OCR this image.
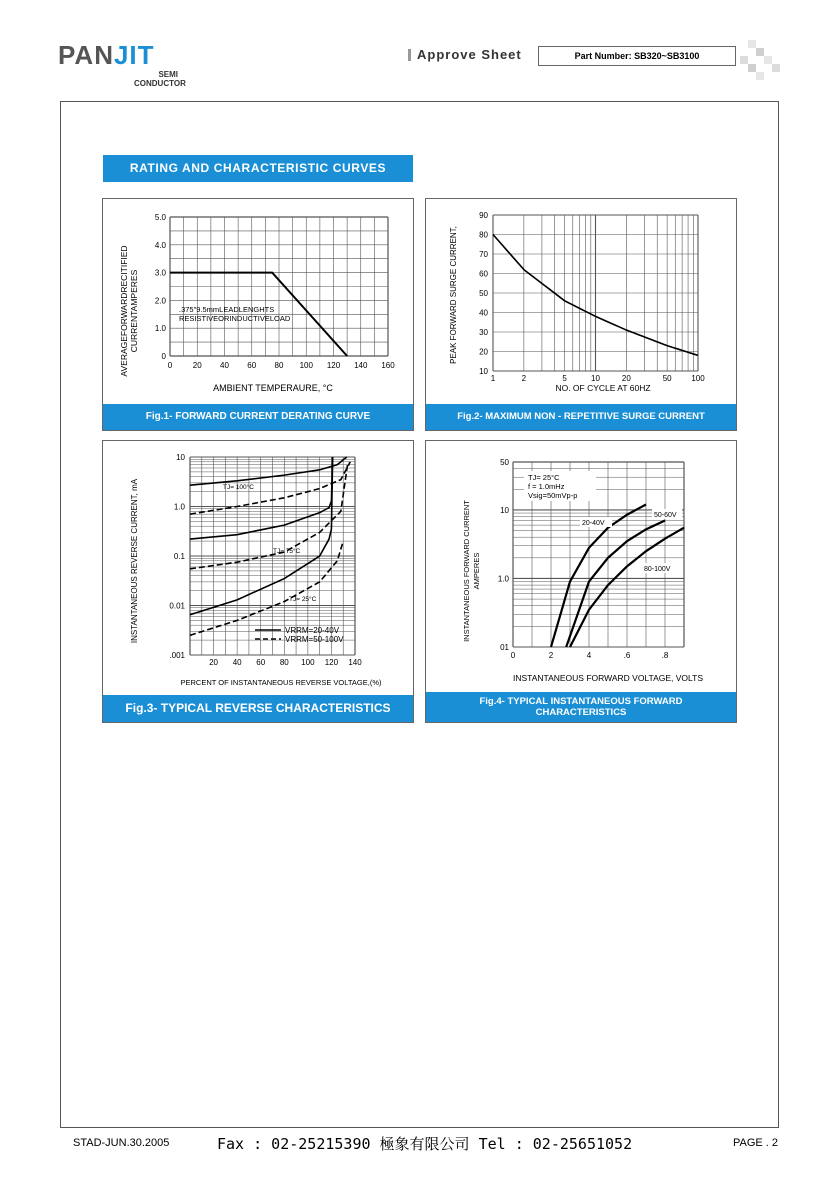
PANJIT
SEMI
CONDUCTOR
Approve Sheet	Part Number: SB320~SB3100
RATING AND CHARACTERISTIC CURVES
5.0
4.0
3.0
2.0
1.0
0
0	20 40 60 80 100 120 140 160
.375"9.5mmLEADLENGHTS
RESISTIVEORINDUCTIVELOAD
AVERAGEFORWARDRECITIFIED CURRENTAMPERES
AMBIENT TEMPERAURE, °C
Fig.1- FORWARD CURRENT DERATING CURVE
90
80
70
60
50
40
30
20
10
1	2	5	10	20	50 100
PEAK FORWARD SURGE CURRENT,
NO. OF CYCLE AT 60HZ
Fig.2- MAXIMUM NON - REPETITIVE SURGE CURRENT
10
1.0
0.1
0.01
.001
20 40 60 80 100 120 140
TJ= 100°C
TJ= 75°C
TJ= 25°C
VRRM=20-40V
VRRM=50-100V
INSTANTANEOUS REVERSE CURRENT, mA
PERCENT OF INSTANTANEOUS REVERSE VOLTAGE,(%)
Fig.3- TYPICAL REVERSE CHARACTERISTICS
50
10
1.0
01
0	2	4	.6	.8
TJ= 25°C
f = 1.0mHz
Vsig=50mVp-p
20-40V
50-60V
80-100V
INSTANTANEOUS FORWARD CURRENT AMPERES
INSTANTANEOUS FORWARD VOLTAGE, VOLTS
Fig.4- TYPICAL INSTANTANEOUS FORWARD
CHARACTERISTICS
STAD-JUN.30.2005	Fax : 02-25215390 極象有限公司 Tel : 02-25651052	PAGE . 2
